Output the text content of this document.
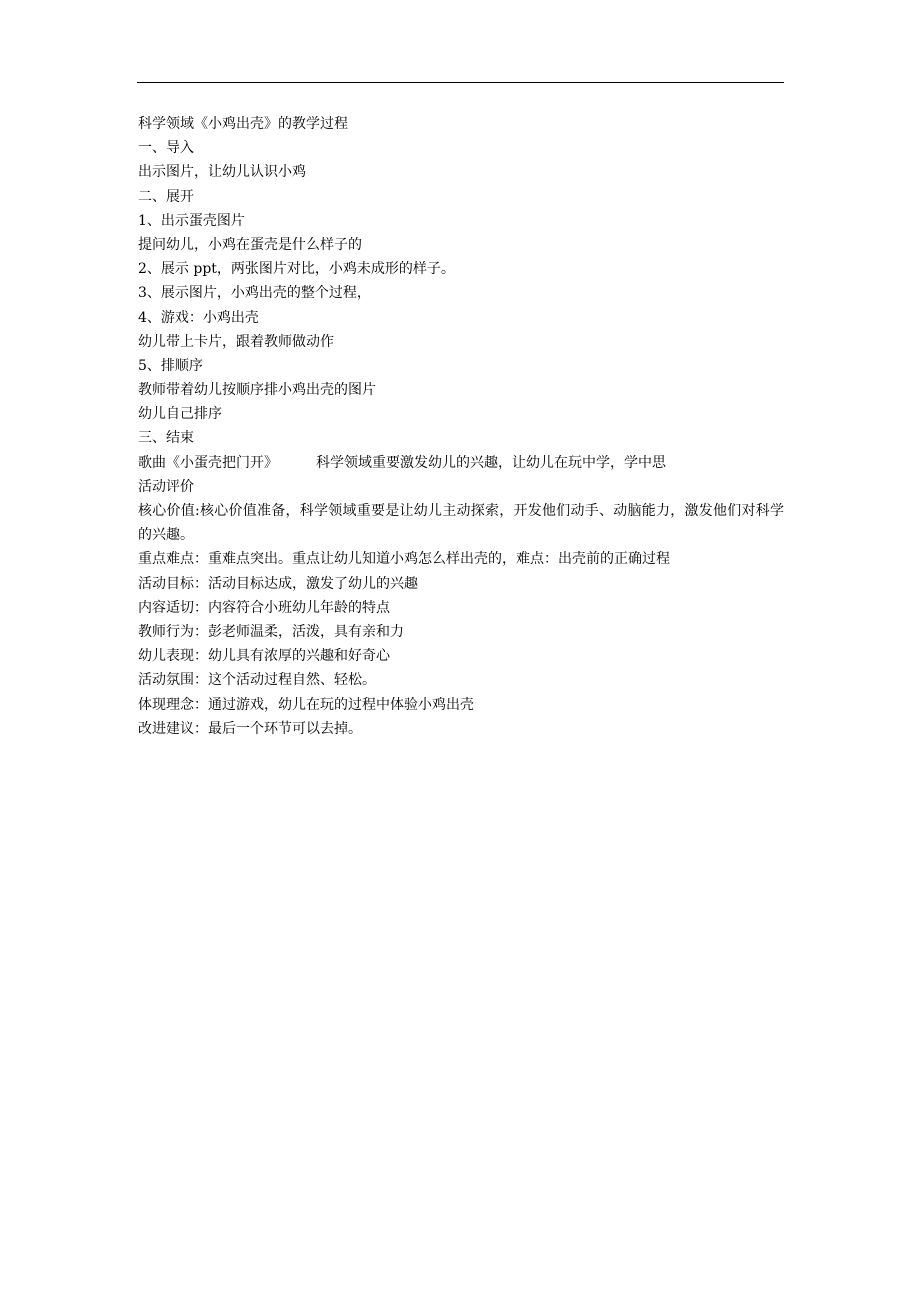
科学领域《小鸡出壳》的教学过程
一、导入
出示图片，让幼儿认识小鸡
二、展开
1、出示蛋壳图片
提问幼儿，小鸡在蛋壳是什么样子的
2、展示 ppt，两张图片对比，小鸡未成形的样子。
3、展示图片，小鸡出壳的整个过程，
4、游戏：小鸡出壳
幼儿带上卡片，跟着教师做动作
5、排顺序
教师带着幼儿按顺序排小鸡出壳的图片
幼儿自己排序
三、结束
歌曲《小蛋壳把门开》	科学领域重要激发幼儿的兴趣，让幼儿在玩中学，学中思
活动评价
核心价值:核心价值准备，科学领域重要是让幼儿主动探索，开发他们动手、动脑能力，激发他们对科学的兴趣。
重点难点：重难点突出。重点让幼儿知道小鸡怎么样出壳的，难点：出壳前的正确过程
活动目标：活动目标达成，激发了幼儿的兴趣
内容适切：内容符合小班幼儿年龄的特点
教师行为：彭老师温柔，活泼，具有亲和力
幼儿表现：幼儿具有浓厚的兴趣和好奇心
活动氛围：这个活动过程自然、轻松。
体现理念：通过游戏，幼儿在玩的过程中体验小鸡出壳
改进建议：最后一个环节可以去掉。
